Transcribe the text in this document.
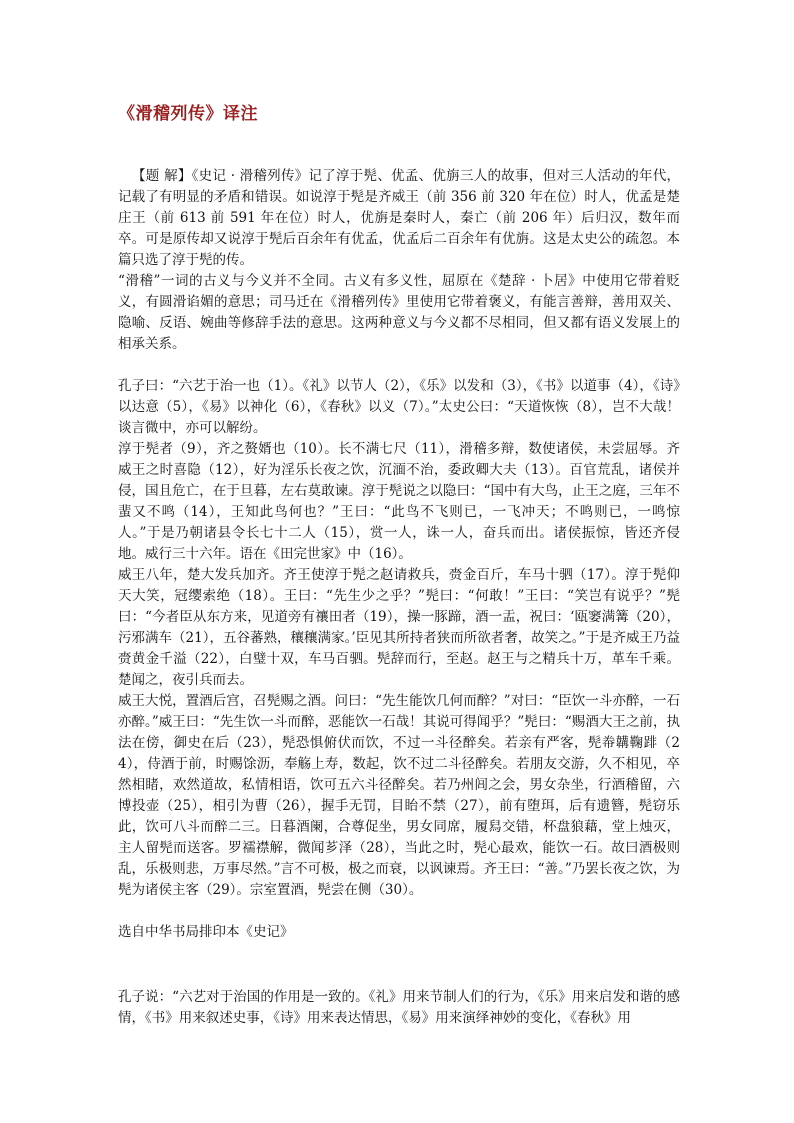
《滑稽列传》译注

【题 解】《史记 · 滑稽列传》记了淳于髡、优孟、优旃三人的故事，但对三人活动的年代，记载了有明显的矛盾和错误。如说淳于髡是齐威王（前 356 前 320 年在位）时人，优孟是楚庄王（前 613 前 591 年在位）时人，优旃是秦时人，秦亡（前 206 年）后归汉，数年而卒。可是原传却又说淳于髡后百余年有优孟，优孟后二百余年有优旃。这是太史公的疏忽。本篇只选了淳于髡的传。

“滑稽”一词的古义与今义并不全同。古义有多义性，屈原在《楚辞 · 卜居》中使用它带着贬义，有圆滑谄媚的意思；司马迁在《滑稽列传》里使用它带着褒义，有能言善辩，善用双关、隐喻、反语、婉曲等修辞手法的意思。这两种意义与今义都不尽相同，但又都有语义发展上的相承关系。

孔子曰：“六艺于治一也（1）。《礼》以节人（2），《乐》以发和（3），《书》以道事（4），《诗》以达意（5），《易》以神化（6），《春秋》以义（7）。”太史公曰：“天道恢恢（8），岂不大哉！谈言微中，亦可以解纷。

淳于髡者（9），齐之赘婿也（10）。长不满七尺（11），滑稽多辩，数使诸侯，未尝屈辱。齐威王之时喜隐（12），好为淫乐长夜之饮，沉湎不治，委政卿大夫（13）。百官荒乱，诸侯并侵，国且危亡，在于旦暮，左右莫敢谏。淳于髡说之以隐曰：“国中有大鸟，止王之庭，三年不蜚又不鸣（14），王知此鸟何也？”王曰：“此鸟不飞则已，一飞冲天；不鸣则已，一鸣惊人。”于是乃朝诸县令长七十二人（15），赏一人，诛一人，奋兵而出。诸侯振惊，皆还齐侵地。威行三十六年。语在《田完世家》中（16）。

威王八年，楚大发兵加齐。齐王使淳于髡之赵请救兵，赍金百斤，车马十驷（17）。淳于髡仰天大笑，冠缨索绝（18）。王曰：“先生少之乎？”髡曰：“何敢！”王曰：“笑岂有说乎？”髡曰：“今者臣从东方来，见道旁有禳田者（19），操一豚蹄，酒一盂，祝曰：‘瓯窭满篝（20），污邪满车（21），五谷蕃熟，穰穰满家。’臣见其所持者狭而所欲者奢，故笑之。”于是齐威王乃益赍黄金千溢（22），白璧十双，车马百驷。髡辞而行，至赵。赵王与之精兵十万，革车千乘。楚闻之，夜引兵而去。

威王大悦，置酒后宫，召髡赐之酒。问曰：“先生能饮几何而醉？”对曰：“臣饮一斗亦醉，一石亦醉。”威王曰：“先生饮一斗而醉，恶能饮一石哉！其说可得闻乎？”髡曰：“赐酒大王之前，执法在傍，御史在后（23），髡恐惧俯伏而饮，不过一斗径醉矣。若亲有严客，髡帣韝鞠䠊（24），侍酒于前，时赐馀沥，奉觞上寿，数起，饮不过二斗径醉矣。若朋友交游，久不相见，卒然相睹，欢然道故，私情相语，饮可五六斗径醉矣。若乃州闾之会，男女杂坐，行酒稽留，六博投壶（25），相引为曹（26），握手无罚，目眙不禁（27），前有堕珥，后有遗簪，髡窃乐此，饮可八斗而醉二三。日暮酒阑，合尊促坐，男女同席，履舄交错，杯盘狼藉，堂上烛灭，主人留髡而送客。罗襦襟解，微闻芗泽（28），当此之时，髡心最欢，能饮一石。故曰酒极则乱，乐极则悲，万事尽然。”言不可极，极之而衰，以讽谏焉。齐王曰：“善。”乃罢长夜之饮，为髡为诸侯主客（29）。宗室置酒，髡尝在侧（30）。

选自中华书局排印本《史记》

孔子说：“六艺对于治国的作用是一致的。《礼》用来节制人们的行为，《乐》用来启发和谐的感情，《书》用来叙述史事，《诗》用来表达情思，《易》用来演绎神妙的变化，《春秋》用
